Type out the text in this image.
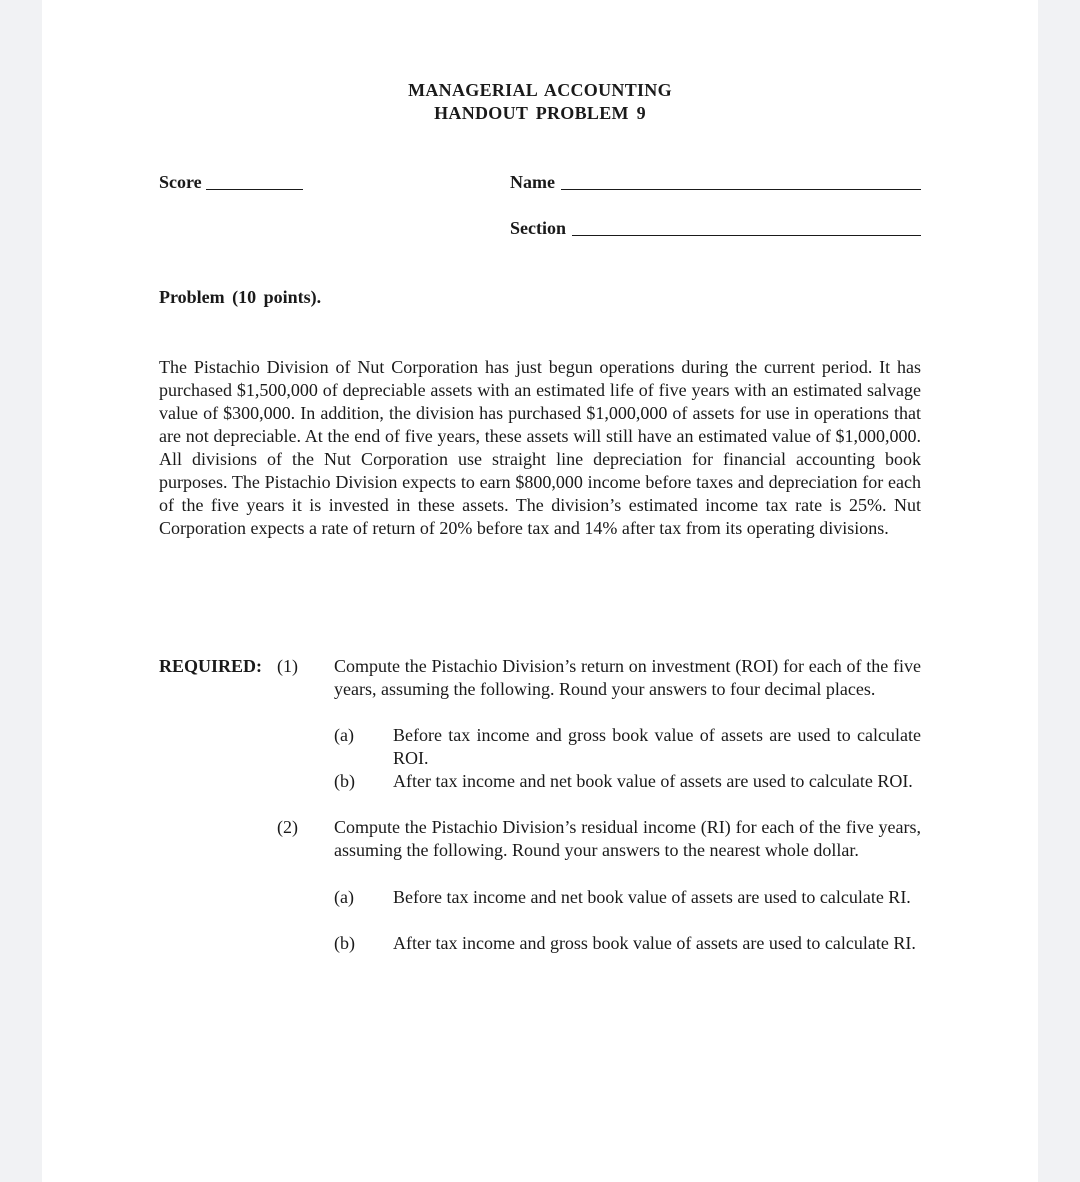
MANAGERIAL ACCOUNTING
HANDOUT PROBLEM 9
Score	Name
Section
Problem (10 points).
The Pistachio Division of Nut Corporation has just begun operations during the current period. It has purchased $1,500,000 of depreciable assets with an estimated life of five years with an estimated salvage value of $300,000. In addition, the division has purchased $1,000,000 of assets for use in operations that are not depreciable. At the end of five years, these assets will still have an estimated value of $1,000,000. All divisions of the Nut Corporation use straight line depreciation for financial accounting book purposes. The Pistachio Division expects to earn $800,000 income before taxes and depreciation for each of the five years it is invested in these assets. The division’s estimated income tax rate is 25%. Nut Corporation expects a rate of return of 20% before tax and 14% after tax from its operating divisions.
REQUIRED: (1) Compute the Pistachio Division’s return on investment (ROI) for each of the five years, assuming the following. Round your answers to four decimal places.
(a) Before tax income and gross book value of assets are used to calculate ROI.
(b) After tax income and net book value of assets are used to calculate ROI.
(2) Compute the Pistachio Division’s residual income (RI) for each of the five years, assuming the following. Round your answers to the nearest whole dollar.
(a) Before tax income and net book value of assets are used to calculate RI.
(b) After tax income and gross book value of assets are used to calculate RI.
